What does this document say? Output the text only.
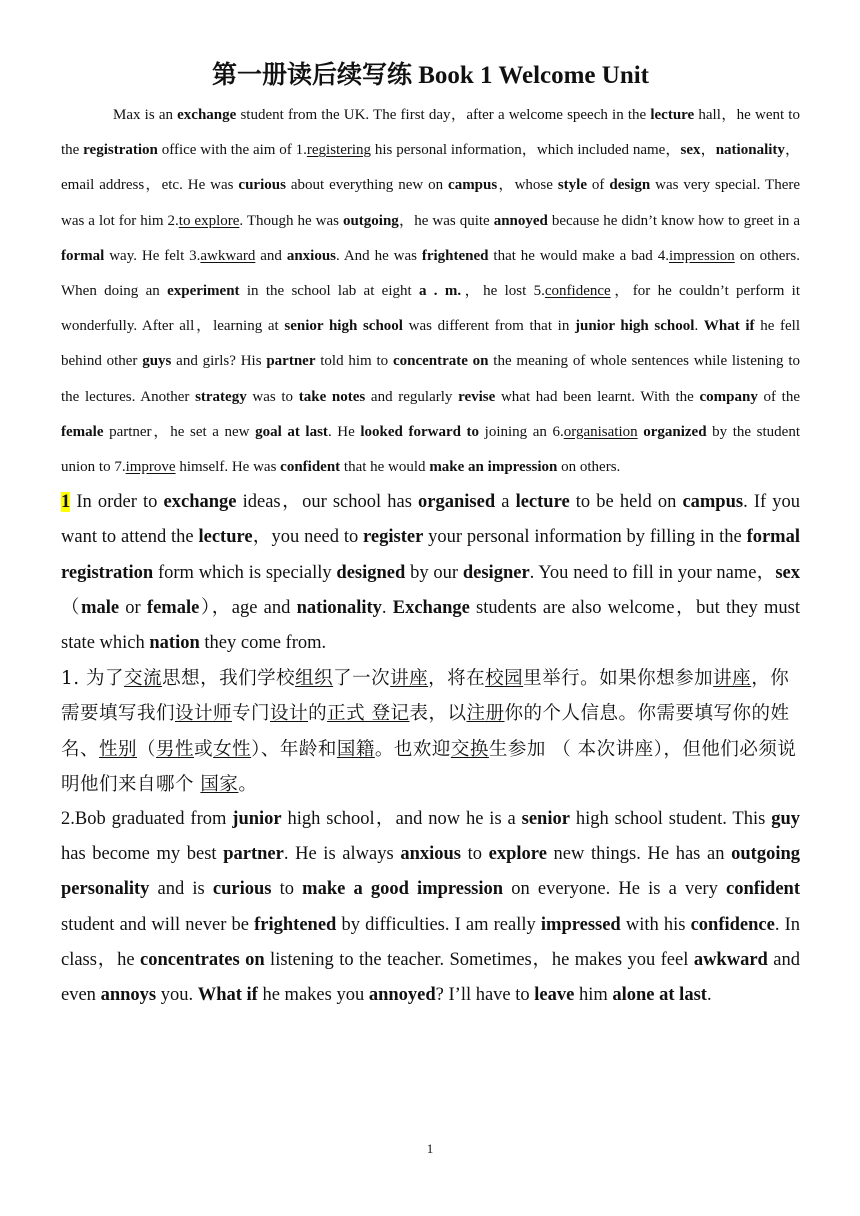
第一册读后续写练 Book 1 Welcome Unit

Max is an exchange student from the UK. The first day，after a welcome speech in the lecture hall，he went to the registration office with the aim of 1.registering his personal information，which included name，sex，nationality，email address，etc. He was curious about everything new on campus，whose style of design was very special. There was a lot for him 2.to explore. Though he was outgoing，he was quite annoyed because he didn’t know how to greet in a formal way. He felt 3.awkward and anxious. And he was frightened that he would make a bad 4.impression on others. When doing an experiment in the school lab at eight a . m.，he lost 5.confidence，for he couldn’t perform it wonderfully. After all，learning at senior high school was different from that in junior high school. What if he fell behind other guys and girls? His partner told him to concentrate on the meaning of whole sentences while listening to the lectures. Another strategy was to take notes and regularly revise what had been learnt. With the company of the female partner，he set a new goal at last. He looked forward to joining an 6.organisation organized by the student union to 7.improve himself. He was confident that he would make an impression on others.

1 In order to exchange ideas，our school has organised a lecture to be held on campus. If you want to attend the lecture，you need to register your personal information by filling in the formal registration form which is specially designed by our designer. You need to fill in your name，sex（male or female），age and nationality. Exchange students are also welcome，but they must state which nation they come from.

1. 为了交流思想，我们学校组织了一次讲座，将在校园里举行。如果你想参加讲座，你需要填写我们设计师专门设计的正式 登记表，以注册你的个人信息。你需要填写你的姓名、性别（男性或女性）、年龄和国籍。也欢迎交换生参加 （ 本次讲座），但他们必须说明他们来自哪个 国家。

2.Bob graduated from junior high school，and now he is a senior high school student. This guy has become my best partner. He is always anxious to explore new things. He has an outgoing personality and is curious to make a good impression on everyone. He is a very confident student and will never be frightened by difficulties. I am really impressed with his confidence. In class，he concentrates on listening to the teacher. Sometimes，he makes you feel awkward and even annoys you. What if he makes you annoyed? I’ll have to leave him alone at last.

1
